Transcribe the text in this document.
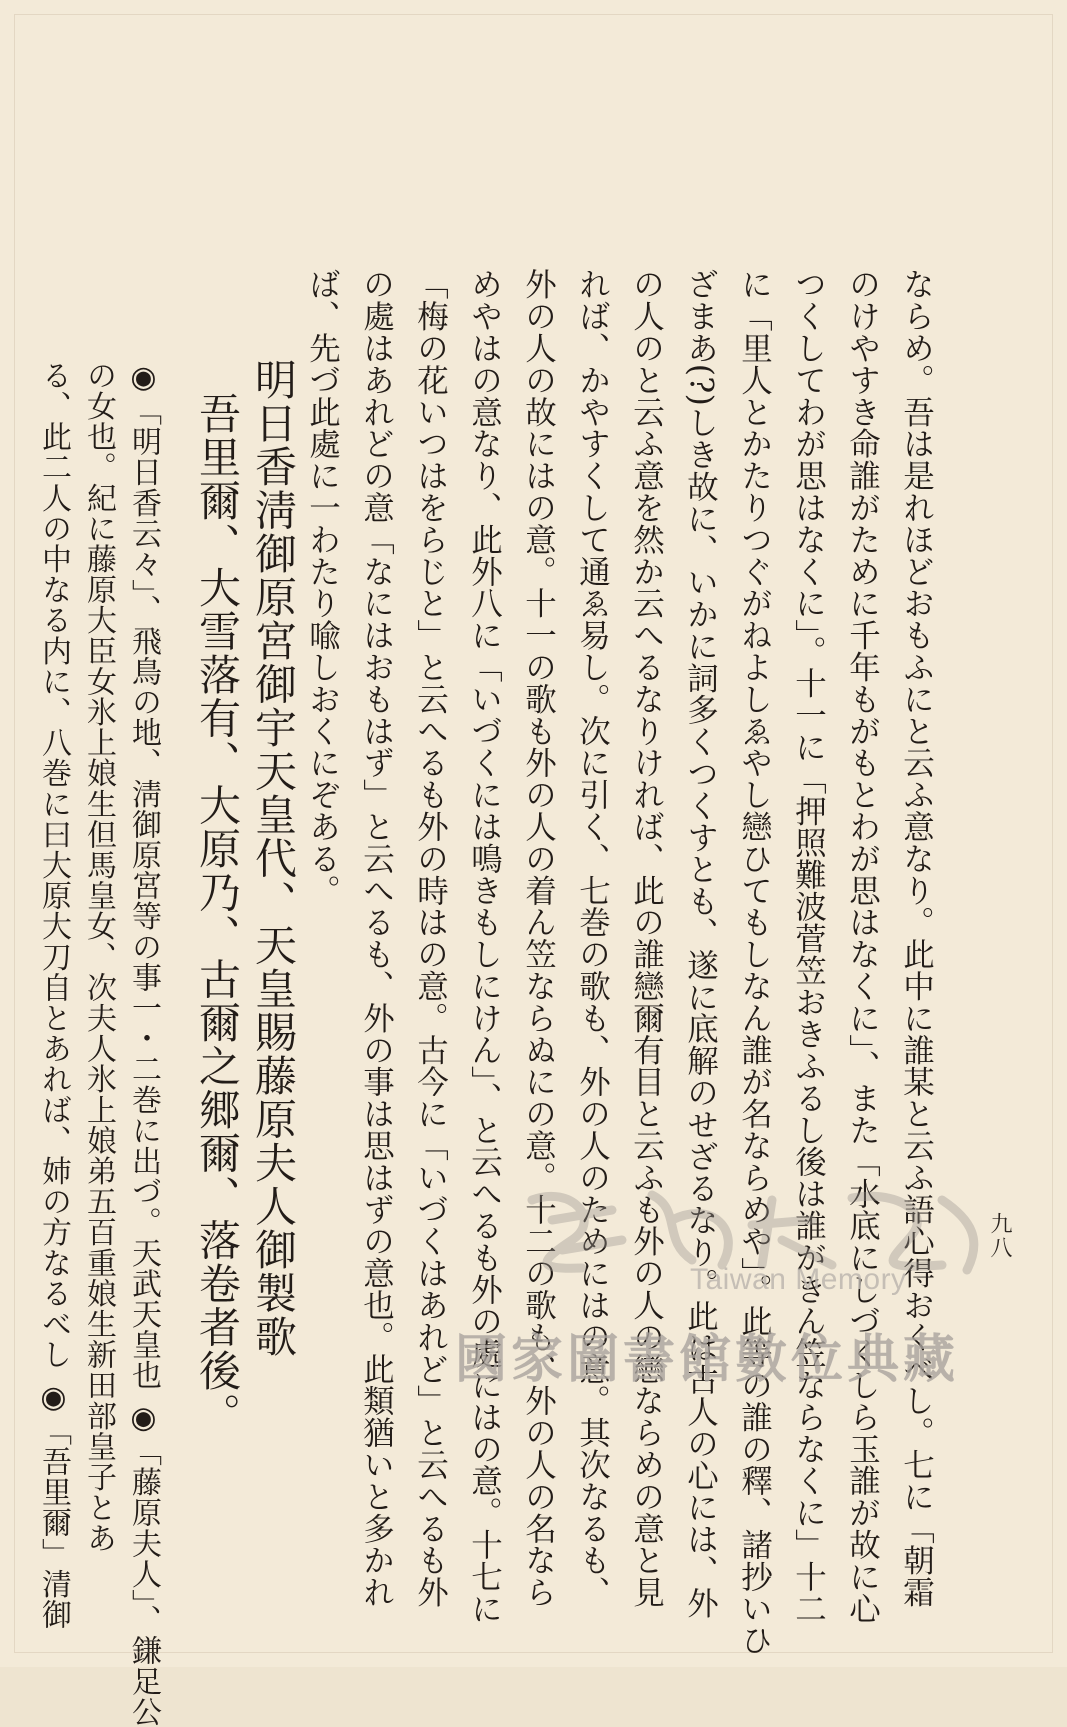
九八
ならめ。吾は是れほどおもふにと云ふ意なり。此中に誰某と云ふ語心得おくべし。七に「朝霜
のけやすき命誰がために千年もがもとわが思はなくに」、また「水底にしづくしら玉誰が故に心
つくしてわが思はなくに」。十一に「押照難波菅笠おきふるし後は誰がきん笠ならなくに」十二
に「里人とかたりつぐがねよしゑやし戀ひてもしなん誰が名ならめや」。此等の誰の釋、諸抄いひ
ざまあ(?)しき故に、いかに詞多くつくすとも、遂に底解のせざるなり。此は古人の心には、外
の人のと云ふ意を然か云へるなりければ、此の誰戀爾有目と云ふも外の人の戀ならめの意と見
れば、かやすくして通ゑ易し。次に引く、七巻の歌も、外の人のためにはの意。其次なるも、
外の人の故にはの意。十一の歌も外の人の着ん笠ならぬにの意。十二の歌も、外の人の名なら
めやはの意なり、此外八に「いづくには鳴きもしにけん」、と云へるも外の處にはの意。十七に
「梅の花いつはをらじと」と云へるも外の時はの意。古今に「いづくはあれど」と云へるも外
の處はあれどの意「なにはおもはず」と云へるも、外の事は思はずの意也。此類猶いと多かれ
ば、先づ此處に一わたり喩しおくにぞある。
明日香淸御原宮御宇天皇代、天皇賜藤原夫人御製歌
吾里爾、大雪落有、大原乃、古爾之郷爾、落卷者後。
◉「明日香云々」、飛鳥の地、淸御原宮等の事一・二巻に出づ。天武天皇也 ◉「藤原夫人」、鎌足公
の女也。紀に藤原大臣女氷上娘生但馬皇女、次夫人氷上娘弟五百重娘生新田部皇子とあ
る、此二人の中なる内に、八巻に曰大原大刀自とあれば、姉の方なるべし ◉「吾里爾」清御	Taiwan Memory
國家圖書館數位典藏
